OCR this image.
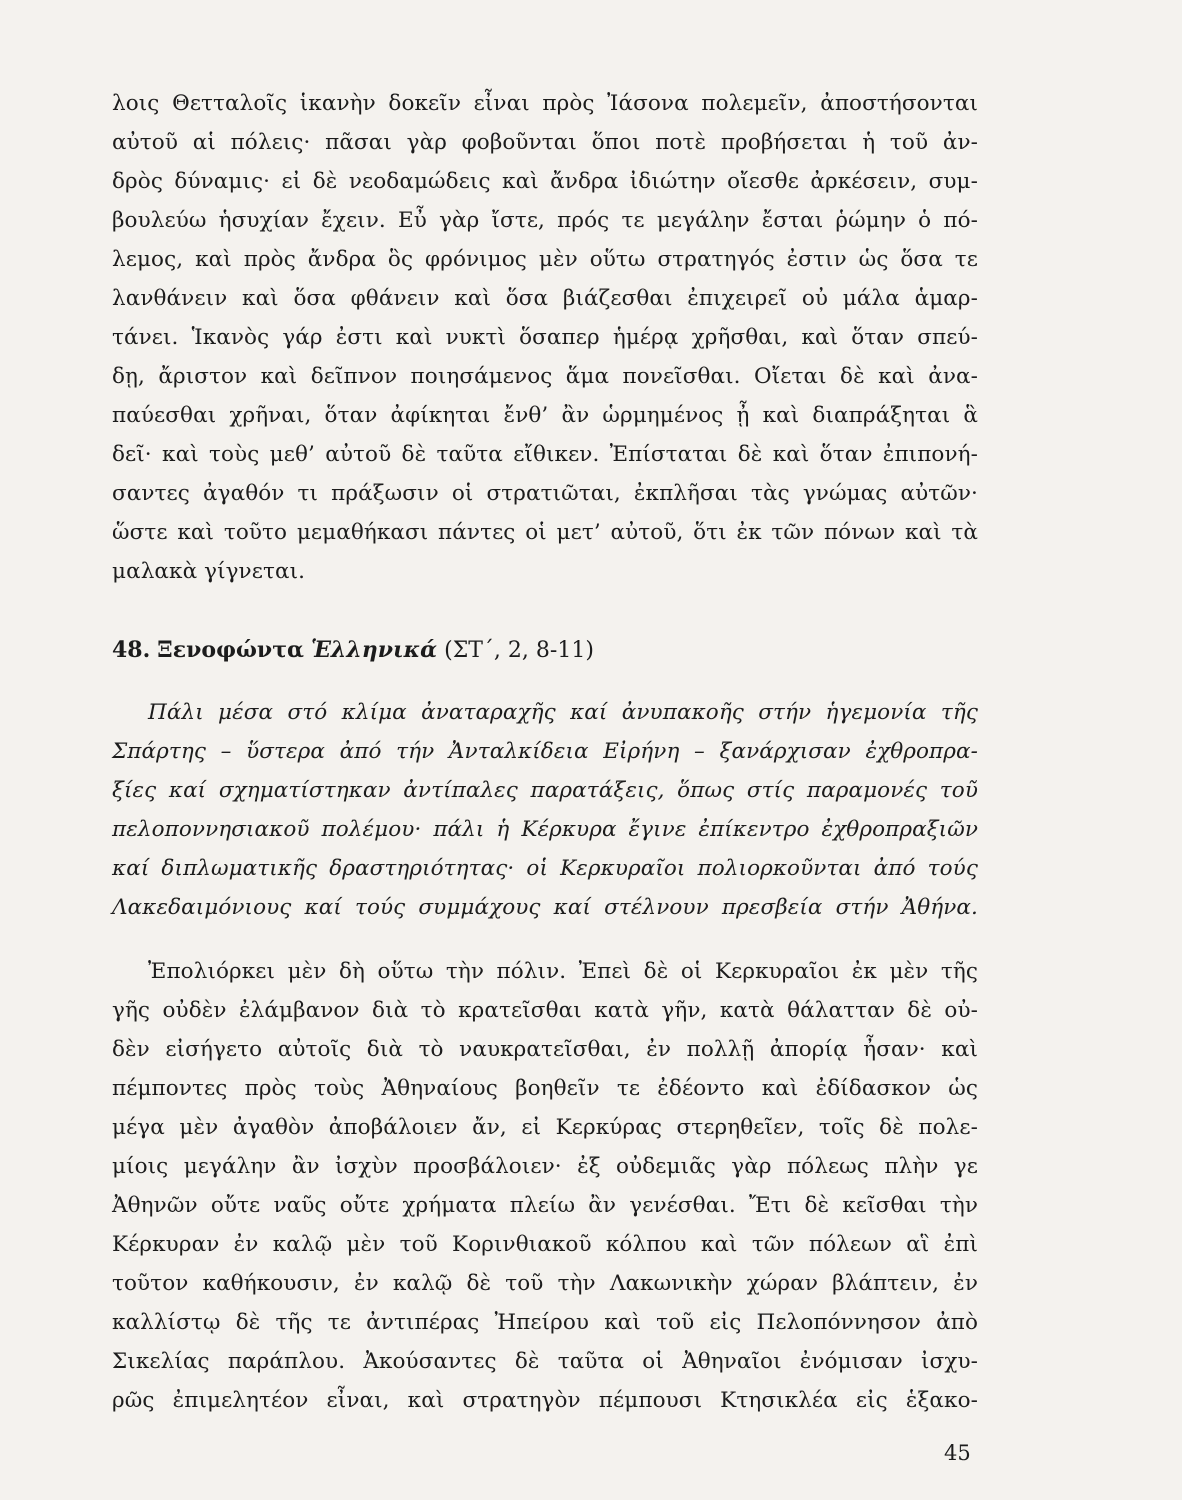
λοις Θετταλοῖς ἱκανὴν δοκεῖν εἶναι πρὸς Ἰάσονα πολεμεῖν, ἀποστήσονται
αὐτοῦ αἱ πόλεις· πᾶσαι γὰρ φοβοῦνται ὅποι ποτὲ προβήσεται ἡ τοῦ ἀν-
δρὸς δύναμις· εἰ δὲ νεοδαμώδεις καὶ ἄνδρα ἰδιώτην οἴεσθε ἀρκέσειν, συμ-
βουλεύω ἡσυχίαν ἔχειν. Εὖ γὰρ ἴστε, πρός τε μεγάλην ἔσται ῥώμην ὁ πό-
λεμος, καὶ πρὸς ἄνδρα ὃς φρόνιμος μὲν οὕτω στρατηγός ἐστιν ὡς ὅσα τε
λανθάνειν καὶ ὅσα φθάνειν καὶ ὅσα βιάζεσθαι ἐπιχειρεῖ οὐ μάλα ἁμαρ-
τάνει. Ἱκανὸς γάρ ἐστι καὶ νυκτὶ ὅσαπερ ἡμέρᾳ χρῆσθαι, καὶ ὅταν σπεύ-
δῃ, ἄριστον καὶ δεῖπνον ποιησάμενος ἅμα πονεῖσθαι. Οἴεται δὲ καὶ ἀνα-
παύεσθαι χρῆναι, ὅταν ἀφίκηται ἔνθ’ ἂν ὡρμημένος ᾖ καὶ διαπράξηται ἃ
δεῖ· καὶ τοὺς μεθ’ αὐτοῦ δὲ ταῦτα εἴθικεν. Ἐπίσταται δὲ καὶ ὅταν ἐπιπονή-
σαντες ἀγαθόν τι πράξωσιν οἱ στρατιῶται, ἐκπλῆσαι τὰς γνώμας αὐτῶν·
ὥστε καὶ τοῦτο μεμαθήκασι πάντες οἱ μετ’ αὐτοῦ, ὅτι ἐκ τῶν πόνων καὶ τὰ
μαλακὰ γίγνεται.
48. Ξενοφώντα Ἑλληνικά (ΣΤ΄, 2, 8-11)
Πάλι μέσα στό κλίμα ἀναταραχῆς καί ἀνυπακοῆς στήν ἡγεμονία τῆς
Σπάρτης – ὕστερα ἀπό τήν Ἀνταλκίδεια Εἰρήνη – ξανάρχισαν ἐχθροπρα-
ξίες καί σχηματίστηκαν ἀντίπαλες παρατάξεις, ὅπως στίς παραμονές τοῦ
πελοποννησιακοῦ πολέμου· πάλι ἡ Κέρκυρα ἔγινε ἐπίκεντρο ἐχθροπραξιῶν
καί διπλωματικῆς δραστηριότητας· οἱ Κερκυραῖοι πολιορκοῦνται ἀπό τούς
Λακεδαιμόνιους καί τούς συμμάχους καί στέλνουν πρεσβεία στήν Ἀθήνα.
Ἐπολιόρκει μὲν δὴ οὕτω τὴν πόλιν. Ἐπεὶ δὲ οἱ Κερκυραῖοι ἐκ μὲν τῆς
γῆς οὐδὲν ἐλάμβανον διὰ τὸ κρατεῖσθαι κατὰ γῆν, κατὰ θάλατταν δὲ οὐ-
δὲν εἰσήγετο αὐτοῖς διὰ τὸ ναυκρατεῖσθαι, ἐν πολλῇ ἀπορίᾳ ἦσαν· καὶ
πέμποντες πρὸς τοὺς Ἀθηναίους βοηθεῖν τε ἐδέοντο καὶ ἐδίδασκον ὡς
μέγα μὲν ἀγαθὸν ἀποβάλοιεν ἄν, εἰ Κερκύρας στερηθεῖεν, τοῖς δὲ πολε-
μίοις μεγάλην ἂν ἰσχὺν προσβάλοιεν· ἐξ οὐδεμιᾶς γὰρ πόλεως πλὴν γε
Ἀθηνῶν οὔτε ναῦς οὔτε χρήματα πλείω ἂν γενέσθαι. Ἔτι δὲ κεῖσθαι τὴν
Κέρκυραν ἐν καλῷ μὲν τοῦ Κορινθιακοῦ κόλπου καὶ τῶν πόλεων αἳ ἐπὶ
τοῦτον καθήκουσιν, ἐν καλῷ δὲ τοῦ τὴν Λακωνικὴν χώραν βλάπτειν, ἐν
καλλίστῳ δὲ τῆς τε ἀντιπέρας Ἠπείρου καὶ τοῦ εἰς Πελοπόννησον ἀπὸ
Σικελίας παράπλου. Ἀκούσαντες δὲ ταῦτα οἱ Ἀθηναῖοι ἐνόμισαν ἰσχυ-
ρῶς ἐπιμελητέον εἶναι, καὶ στρατηγὸν πέμπουσι Κτησικλέα εἰς ἑξακο-
45
